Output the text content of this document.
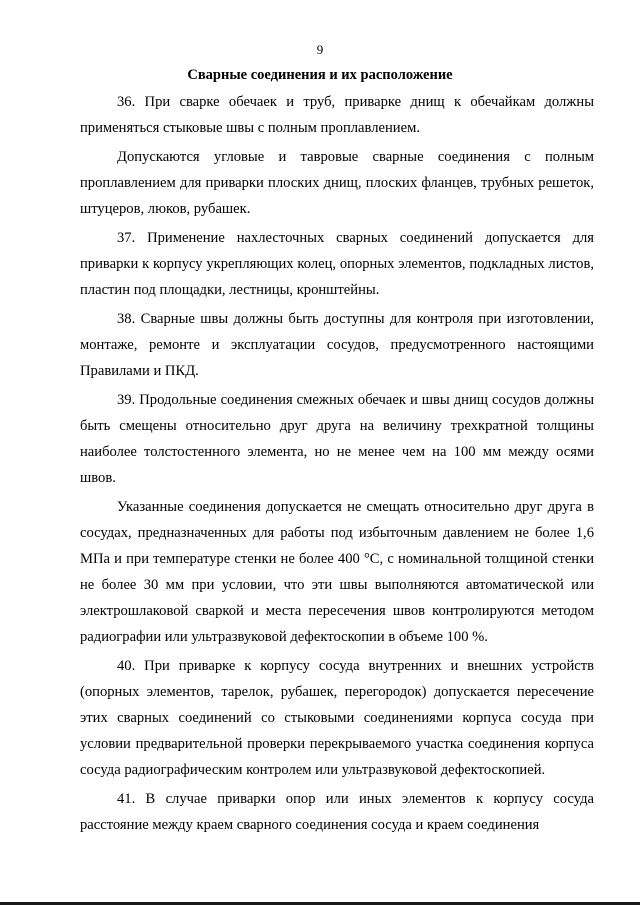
9
Сварные соединения и их расположение

36. При сварке обечаек и труб, приварке днищ к обечайкам должны применяться стыковые швы с полным проплавлением.

Допускаются угловые и тавровые сварные соединения с полным проплавлением для приварки плоских днищ, плоских фланцев, трубных решеток, штуцеров, люков, рубашек.

37. Применение нахлесточных сварных соединений допускается для приварки к корпусу укрепляющих колец, опорных элементов, подкладных листов, пластин под площадки, лестницы, кронштейны.

38. Сварные швы должны быть доступны для контроля при изготовлении, монтаже, ремонте и эксплуатации сосудов, предусмотренного настоящими Правилами и ПКД.

39. Продольные соединения смежных обечаек и швы днищ сосудов должны быть смещены относительно друг друга на величину трехкратной толщины наиболее толстостенного элемента, но не менее чем на 100 мм между осями швов.

Указанные соединения допускается не смещать относительно друг друга в сосудах, предназначенных для работы под избыточным давлением не более 1,6 МПа и при температуре стенки не более 400 °С, с номинальной толщиной стенки не более 30 мм при условии, что эти швы выполняются автоматической или электрошлаковой сваркой и места пересечения швов контролируются методом радиографии или ультразвуковой дефектоскопии в объеме 100 %.

40. При приварке к корпусу сосуда внутренних и внешних устройств (опорных элементов, тарелок, рубашек, перегородок) допускается пересечение этих сварных соединений со стыковыми соединениями корпуса сосуда при условии предварительной проверки перекрываемого участка соединения корпуса сосуда радиографическим контролем или ультразвуковой дефектоскопией.

41. В случае приварки опор или иных элементов к корпусу сосуда расстояние между краем сварного соединения сосуда и краем соединения
